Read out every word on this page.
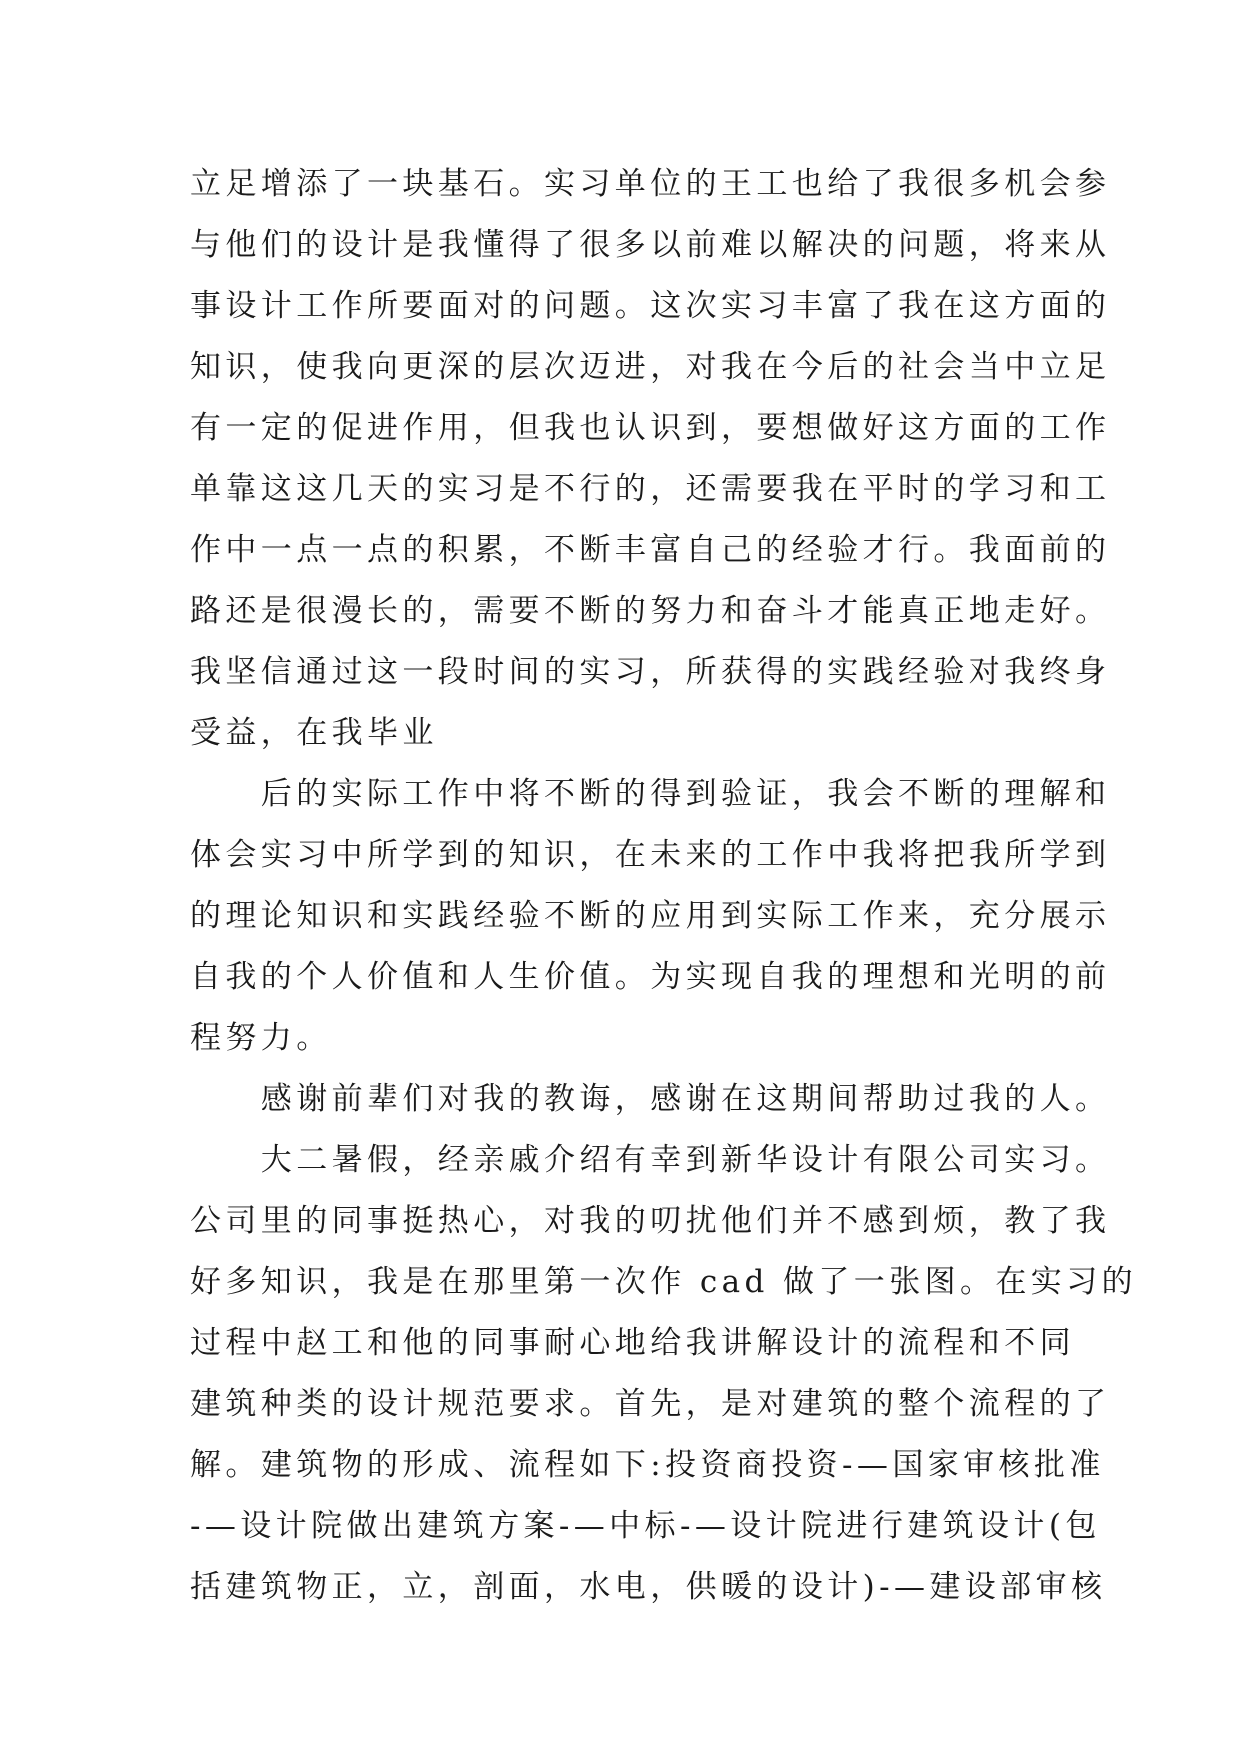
立足增添了一块基石。实习单位的王工也给了我很多机会参
与他们的设计是我懂得了很多以前难以解决的问题，将来从
事设计工作所要面对的问题。这次实习丰富了我在这方面的
知识，使我向更深的层次迈进，对我在今后的社会当中立足
有一定的促进作用，但我也认识到，要想做好这方面的工作
单靠这这几天的实习是不行的，还需要我在平时的学习和工
作中一点一点的积累，不断丰富自己的经验才行。我面前的
路还是很漫长的，需要不断的努力和奋斗才能真正地走好。
我坚信通过这一段时间的实习，所获得的实践经验对我终身
受益，在我毕业
　　后的实际工作中将不断的得到验证，我会不断的理解和
体会实习中所学到的知识，在未来的工作中我将把我所学到
的理论知识和实践经验不断的应用到实际工作来，充分展示
自我的个人价值和人生价值。为实现自我的理想和光明的前
程努力。
　　感谢前辈们对我的教诲，感谢在这期间帮助过我的人。
　　大二暑假，经亲戚介绍有幸到新华设计有限公司实习。
公司里的同事挺热心，对我的叨扰他们并不感到烦，教了我
好多知识，我是在那里第一次作 cad 做了一张图。在实习的
过程中赵工和他的同事耐心地给我讲解设计的流程和不同
建筑种类的设计规范要求。首先，是对建筑的整个流程的了
解。建筑物的形成、流程如下:投资商投资-—国家审核批准
-—设计院做出建筑方案-—中标-—设计院进行建筑设计(包
括建筑物正，立，剖面，水电，供暖的设计)-—建设部审核
